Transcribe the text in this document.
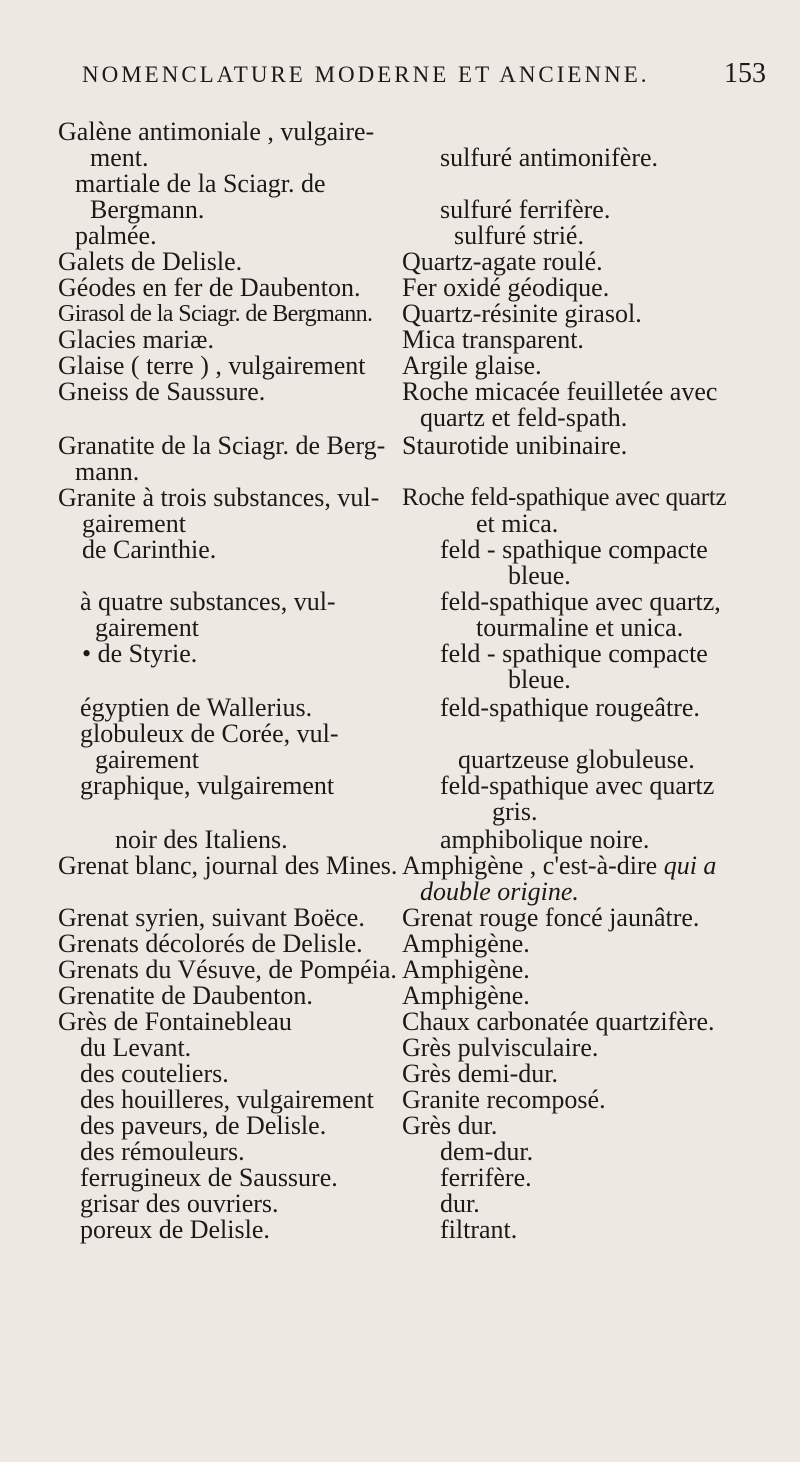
NOMENCLATURE MODERNE ET ANCIENNE.	153
Galène antimoniale , vulgaire-
ment.
martiale de la Sciagr. de
Bergmann.
palmée.
Galets de Delisle.
Géodes en fer de Daubenton.
Girasol de la Sciagr. de Bergmann.
Glacies mariæ.
Glaise ( terre ) , vulgairement
Gneiss de Saussure.
Granatite de la Sciagr. de Berg-
mann.
Granite à trois substances, vul-
gairement
de Carinthie.
à quatre substances, vul-
gairement
• de Styrie.
égyptien de Wallerius.
globuleux de Corée, vul-
gairement
graphique, vulgairement
noir des Italiens.
Grenat blanc, journal des Mines.
Grenat syrien, suivant Boëce.
Grenats décolorés de Delisle.
Grenats du Vésuve, de Pompéia.
Grenatite de Daubenton.
Grès de Fontainebleau
du Levant.
des couteliers.
des houilleres, vulgairement
des paveurs, de Delisle.
des rémouleurs.
ferrugineux de Saussure.
grisar des ouvriers.
poreux de Delisle.
sulfuré antimonifère.
sulfuré ferrifère.
sulfuré strié.
Quartz-agate roulé.
Fer oxidé géodique.
Quartz-résinite girasol.
Mica transparent.
Argile glaise.
Roche micacée feuilletée avec
quartz et feld-spath.
Staurotide unibinaire.
Roche feld-spathique avec quartz
et mica.
feld - spathique compacte
bleue.
feld-spathique avec quartz,
tourmaline et unica.
feld - spathique compacte
bleue.
feld-spathique rougeâtre.
quartzeuse globuleuse.
feld-spathique avec quartz
gris.
amphibolique noire.
Amphigène , c'est-à-dire qui a
double origine.
Grenat rouge foncé jaunâtre.
Amphigène.
Amphigène.
Amphigène.
Chaux carbonatée quartzifère.
Grès pulvisculaire.
Grès demi-dur.
Granite recomposé.
Grès dur.
dem-dur.
ferrifère.
dur.
filtrant.
